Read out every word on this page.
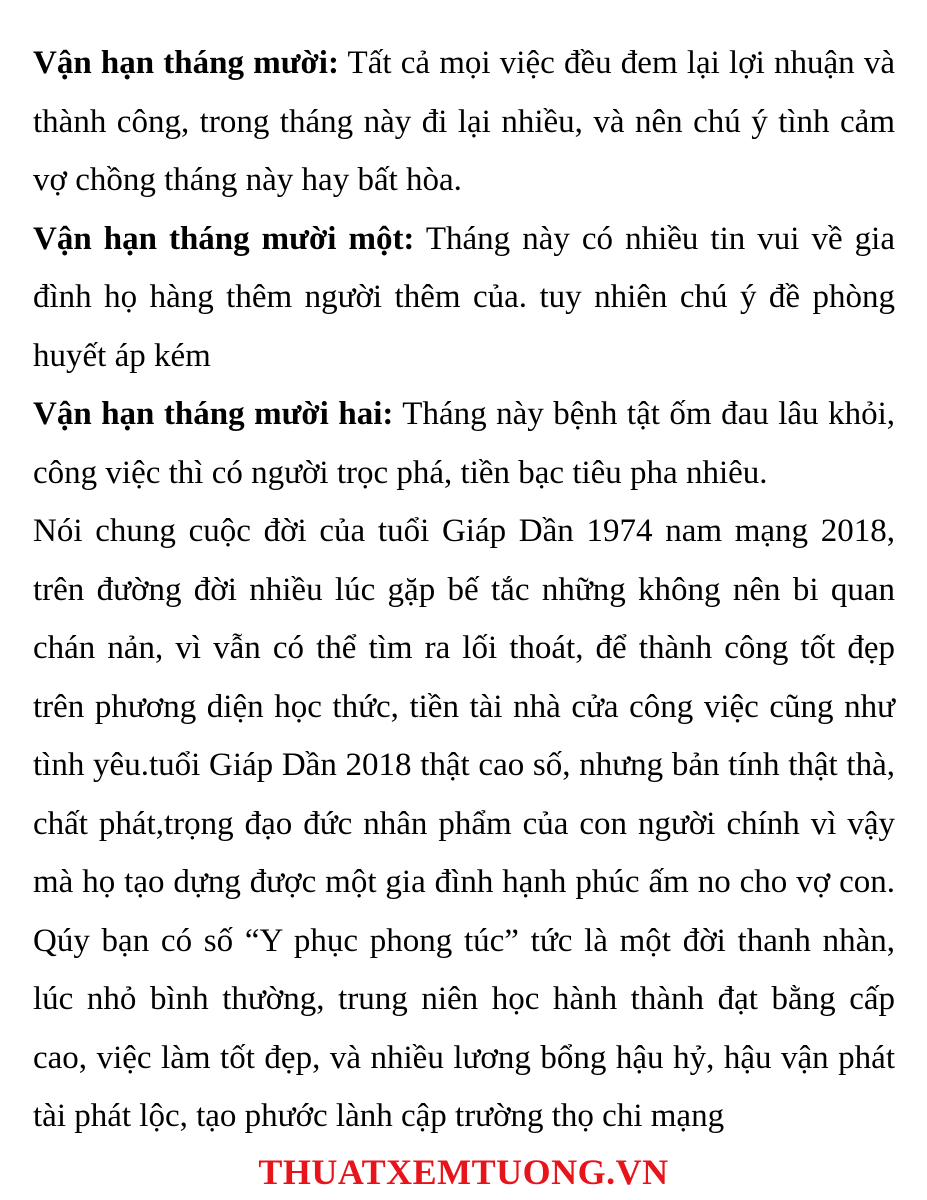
Vận hạn tháng mười: Tất cả mọi việc đều đem lại lợi nhuận và thành công, trong tháng này đi lại nhiều, và nên chú ý tình cảm vợ chồng tháng này hay bất hòa.

Vận hạn tháng mười một: Tháng này có nhiều tin vui về gia đình họ hàng thêm người thêm của. tuy nhiên chú ý đề phòng huyết áp kém

Vận hạn tháng mười hai: Tháng này bệnh tật ốm đau lâu khỏi, công việc thì có người trọc phá, tiền bạc tiêu pha nhiêu.

Nói chung cuộc đời của tuổi Giáp Dần 1974 nam mạng 2018, trên đường đời nhiều lúc gặp bế tắc những không nên bi quan chán nản, vì vẫn có thể tìm ra lối thoát, để thành công tốt đẹp trên phương diện học thức, tiền tài nhà cửa công việc cũng như tình yêu.tuổi Giáp Dần 2018 thật cao số, nhưng bản tính thật thà, chất phát,trọng đạo đức nhân phẩm của con người chính vì vậy mà họ tạo dựng được một gia đình hạnh phúc ấm no cho vợ con. Qúy bạn có số “Y phục phong túc” tức là một đời thanh nhàn, lúc nhỏ bình thường, trung niên học hành thành đạt bằng cấp cao, việc làm tốt đẹp, và nhiều lương bổng hậu hỷ, hậu vận phát tài phát lộc, tạo phước lành cập trường thọ chi mạng

THUATXEMTUONG.VN
